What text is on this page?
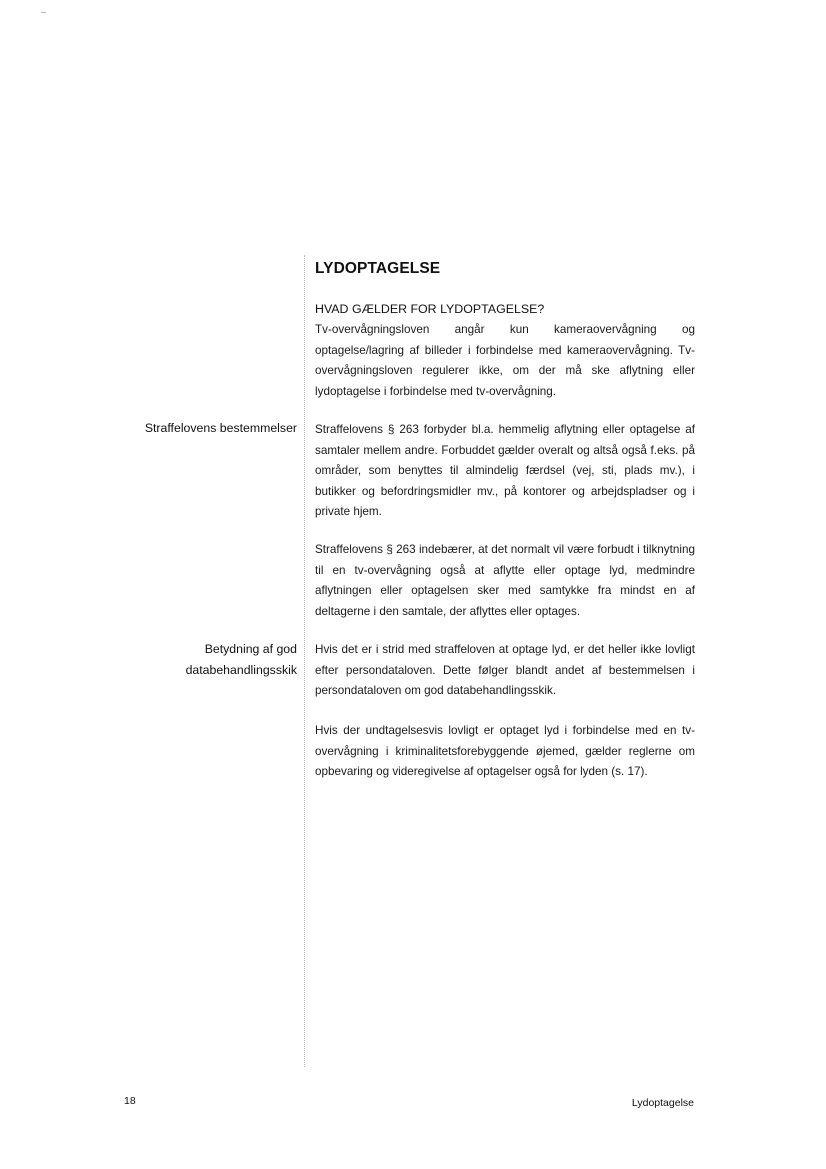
LYDOPTAGELSE
HVAD GÆLDER FOR LYDOPTAGELSE?

Tv-overvågningsloven angår kun kameraovervågning og optagelse/lagring af billeder i forbindelse med kameraovervågning. Tv-overvågningsloven regulerer ikke, om der må ske aflytning eller lydoptagelse i forbindelse med tv-overvågning.

Straffelovens bestemmelser Straffelovens § 263 forbyder bl.a. hemmelig aflytning eller optagelse af samtaler mellem andre. Forbuddet gælder overalt og altså også f.eks. på områder, som benyttes til almindelig færdsel (vej, sti, plads mv.), i butikker og befordringsmidler mv., på kontorer og arbejdspladser og i private hjem.

Straffelovens § 263 indebærer, at det normalt vil være forbudt i tilknytning til en tv-overvågning også at aflytte eller optage lyd, medmindre aflytningen eller optagelsen sker med samtykke fra mindst en af deltagerne i den samtale, der aflyttes eller optages.

Betydning af god
databehandlingsskik

Hvis det er i strid med straffeloven at optage lyd, er det heller ikke lovligt efter persondataloven. Dette følger blandt andet af bestemmelsen i persondataloven om god databehandlingsskik.

Hvis der undtagelsesvis lovligt er optaget lyd i forbindelse med en tv-overvågning i kriminalitetsforebyggende øjemed, gælder reglerne om opbevaring og videregivelse af optagelser også for lyden (s. 17).

18	Lydoptagelse
